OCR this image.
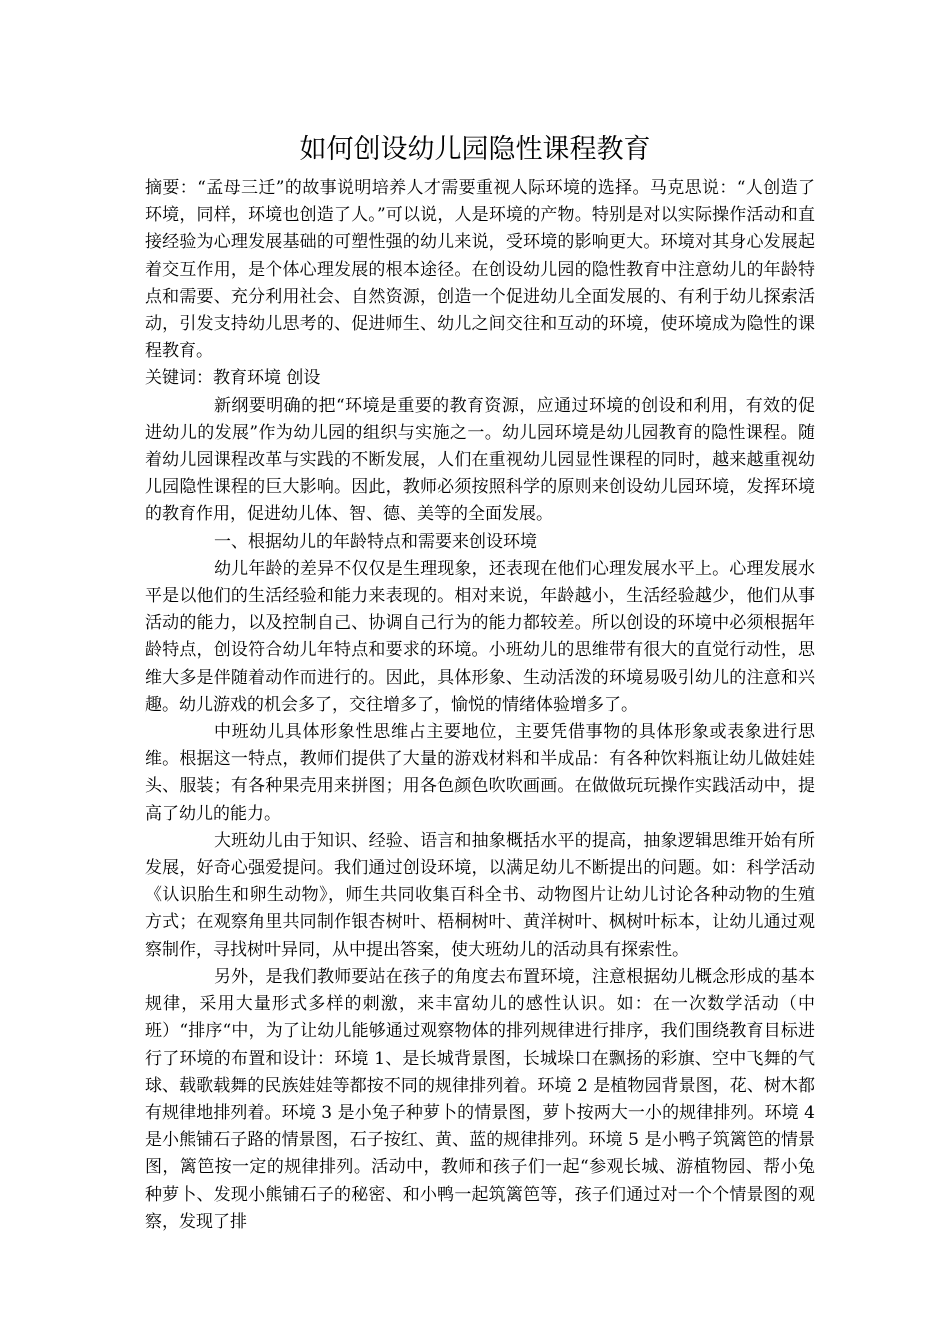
如何创设幼儿园隐性课程教育

摘要：“孟母三迁”的故事说明培养人才需要重视人际环境的选择。马克思说：“人创造了环境，同样，环境也创造了人。”可以说，人是环境的产物。特别是对以实际操作活动和直接经验为心理发展基础的可塑性强的幼儿来说，受环境的影响更大。环境对其身心发展起着交互作用，是个体心理发展的根本途径。在创设幼儿园的隐性教育中注意幼儿的年龄特点和需要、充分利用社会、自然资源，创造一个促进幼儿全面发展的、有利于幼儿探索活动，引发支持幼儿思考的、促进师生、幼儿之间交往和互动的环境，使环境成为隐性的课程教育。

关键词：教育环境 创设

新纲要明确的把“环境是重要的教育资源，应通过环境的创设和利用，有效的促进幼儿的发展”作为幼儿园的组织与实施之一。幼儿园环境是幼儿园教育的隐性课程。随着幼儿园课程改革与实践的不断发展，人们在重视幼儿园显性课程的同时，越来越重视幼儿园隐性课程的巨大影响。因此，教师必须按照科学的原则来创设幼儿园环境，发挥环境的教育作用，促进幼儿体、智、德、美等的全面发展。

一、根据幼儿的年龄特点和需要来创设环境

幼儿年龄的差异不仅仅是生理现象，还表现在他们心理发展水平上。心理发展水平是以他们的生活经验和能力来表现的。相对来说，年龄越小，生活经验越少，他们从事活动的能力，以及控制自己、协调自己行为的能力都较差。所以创设的环境中必须根据年龄特点，创设符合幼儿年特点和要求的环境。小班幼儿的思维带有很大的直觉行动性，思维大多是伴随着动作而进行的。因此，具体形象、生动活泼的环境易吸引幼儿的注意和兴趣。幼儿游戏的机会多了，交往增多了，愉悦的情绪体验增多了。

中班幼儿具体形象性思维占主要地位，主要凭借事物的具体形象或表象进行思维。根据这一特点，教师们提供了大量的游戏材料和半成品：有各种饮料瓶让幼儿做娃娃头、服装；有各种果壳用来拼图；用各色颜色吹吹画画。在做做玩玩操作实践活动中，提高了幼儿的能力。

大班幼儿由于知识、经验、语言和抽象概括水平的提高，抽象逻辑思维开始有所发展，好奇心强爱提问。我们通过创设环境，以满足幼儿不断提出的问题。如：科学活动《认识胎生和卵生动物》，师生共同收集百科全书、动物图片让幼儿讨论各种动物的生殖方式；在观察角里共同制作银杏树叶、梧桐树叶、黄洋树叶、枫树叶标本，让幼儿通过观察制作，寻找树叶异同，从中提出答案，使大班幼儿的活动具有探索性。

另外，是我们教师要站在孩子的角度去布置环境，注意根据幼儿概念形成的基本规律，采用大量形式多样的刺激，来丰富幼儿的感性认识。如：在一次数学活动（中班）“排序“中，为了让幼儿能够通过观察物体的排列规律进行排序，我们围绕教育目标进行了环境的布置和设计：环境 1、是长城背景图，长城垛口在飘扬的彩旗、空中飞舞的气球、载歌载舞的民族娃娃等都按不同的规律排列着。环境 2 是植物园背景图，花、树木都有规律地排列着。环境 3 是小兔子种萝卜的情景图，萝卜按两大一小的规律排列。环境 4 是小熊铺石子路的情景图，石子按红、黄、蓝的规律排列。环境 5 是小鸭子筑篱笆的情景图，篱笆按一定的规律排列。活动中，教师和孩子们一起“参观长城、游植物园、帮小兔种萝卜、发现小熊铺石子的秘密、和小鸭一起筑篱笆等，孩子们通过对一个个情景图的观察，发现了排
